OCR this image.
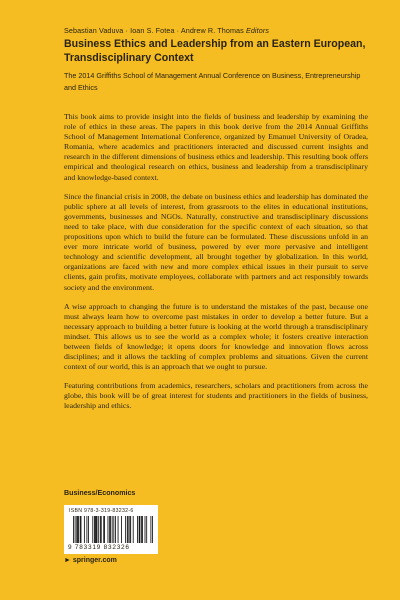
Sebastian Vaduva · Ioan S. Fotea · Andrew R. Thomas Editors
Business Ethics and Leadership from an Eastern European, Transdisciplinary Context

The 2014 Griffiths School of Management Annual Conference on Business, Entrepreneurship and Ethics

This book aims to provide insight into the fields of business and leadership by examining the role of ethics in these areas. The papers in this book derive from the 2014 Annual Griffiths School of Management International Conference, organized by Emanuel University of Oradea, Romania, where academics and practitioners interacted and discussed current insights and research in the different dimensions of business ethics and leadership. This resulting book offers empirical and theological research on ethics, business and leadership from a transdisciplinary and knowledge-based context.

Since the financial crisis in 2008, the debate on business ethics and leadership has dominated the public sphere at all levels of interest, from grassroots to the elites in educational institutions, governments, businesses and NGOs. Naturally, constructive and transdisciplinary discussions need to take place, with due consideration for the specific context of each situation, so that propositions upon which to build the future can be formulated. These discussions unfold in an ever more intricate world of business, powered by ever more pervasive and intelligent technology and scientific development, all brought together by globalization. In this world, organizations are faced with new and more complex ethical issues in their pursuit to serve clients, gain profits, motivate employees, collaborate with partners and act responsibly towards society and the environment.

A wise approach to changing the future is to understand the mistakes of the past, because one must always learn how to overcome past mistakes in order to develop a better future. But a necessary approach to building a better future is looking at the world through a transdisciplinary mindset. This allows us to see the world as a complex whole; it fosters creative interaction between fields of knowledge; it opens doors for knowledge and innovation flows across disciplines; and it allows the tackling of complex problems and situations. Given the current context of our world, this is an approach that we ought to pursue.

Featuring contributions from academics, researchers, scholars and practitioners from across the globe, this book will be of great interest for students and practitioners in the fields of business, leadership and ethics.

Business/Economics
ISBN 978-3-319-83232-6
9 783319 832326
► springer.com
